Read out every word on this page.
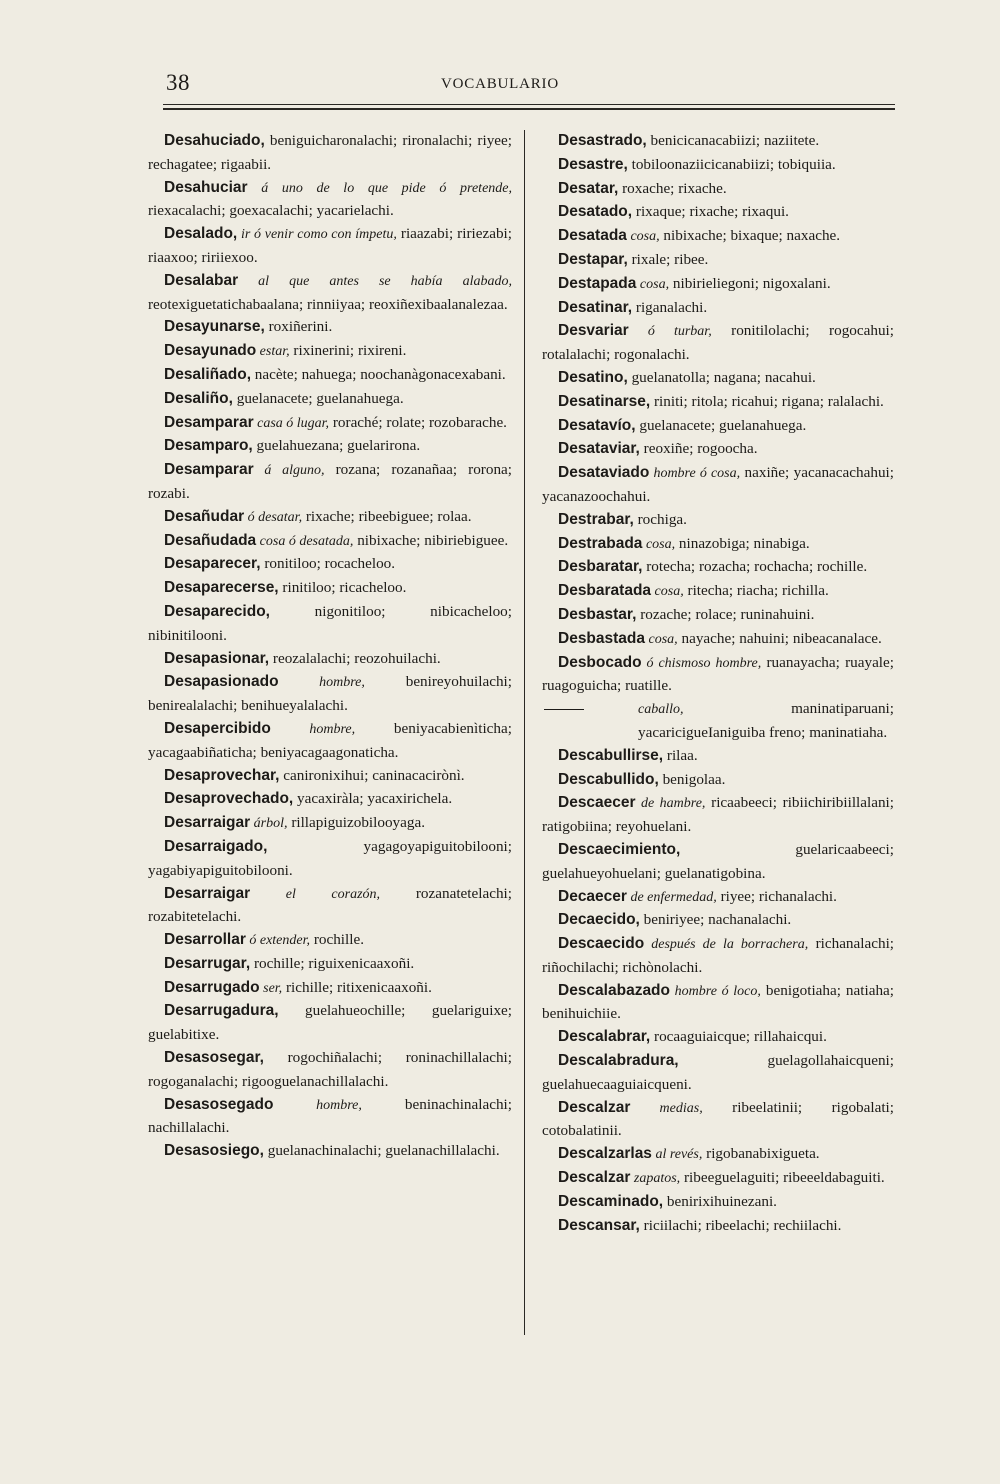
38	VOCABULARIO

Desahuciado, beniguicharonalachi; rironalachi; riyee; rechagatee; rigaabii.

Desahuciar á uno de lo que pide ó pretende, riexacalachi; goexacalachi; yacarielachi.

Desalado, ir ó venir como con ímpetu, riaazabi; ririezabi; riaaxoo; ririiexoo.

Desalabar al que antes se había alabado, reotexiguetatichabaalana; rinniiyaa; reoxiñexibaalanalezaa.

Desayunarse, roxiñerini.

Desayunado estar, rixinerini; rixireni.

Desaliñado, nacète; nahuega; noochanàgonacexabani.

Desaliño, guelanacete; guelanahuega.

Desamparar casa ó lugar, roraché; rolate; rozobarache.

Desamparo, guelahuezana; guelarirona.

Desamparar á alguno, rozana; rozanañaa; rorona; rozabi.

Desañudar ó desatar, rixache; ribeebiguee; rolaa.

Desañudada cosa ó desatada, nibixache; nibiriebiguee.

Desaparecer, ronitiloo; rocacheloo.

Desaparecerse, rinitiloo; ricacheloo.

Desaparecido, nigonitiloo; nibicacheloo; nibinitilooni.

Desapasionar, reozalalachi; reozohuilachi.

Desapasionado hombre, benireyohuilachi; benirealalachi; benihueyalalachi.

Desapercibido hombre, beniyacabienìticha; yacagaabiñaticha; beniyacagaagonaticha.

Desaprovechar, canironixihui; caninacacirònì.

Desaprovechado, yacaxiràla; yacaxirichela.

Desarraigar árbol, rillapiguizobilooyaga.

Desarraigado, yagagoyapiguitobilooni; yagabiyapiguitobilooni.

Desarraigar el corazón, rozanatetelachi; rozabitetelachi.

Desarrollar ó extender, rochille.

Desarrugar, rochille; riguixenicaaxoñi.

Desarrugado ser, richille; ritixenicaaxoñi.

Desarrugadura, guelahueochille; guelariguixe; guelabitixe.

Desasosegar, rogochiñalachi; roninachillalachi; rogoganalachi; rigooguelanachillalachi.

Desasosegado hombre, beninachinalachi; nachillalachi.

Desasosiego, guelanachinalachi; guelanachillalachi.

Desastrado, benicicanacabiizi; naziitete.

Desastre, tobiloonaziicicanabiizi; tobiquiia.

Desatar, roxache; rixache.

Desatado, rixaque; rixache; rixaqui.

Desatada cosa, nibixache; bixaque; naxache.

Destapar, rixale; ribee.

Destapada cosa, nibirieliegoni; nigoxalani.

Desatinar, riganalachi.

Desvariar ó turbar, ronitilolachi; rogocahui; rotalalachi; rogonalachi.

Desatino, guelanatolla; nagana; nacahui.

Desatinarse, riniti; ritola; ricahui; rigana; ralalachi.

Desatavío, guelanacete; guelanahuega.

Desataviar, reoxiñe; rogoocha.

Desataviado hombre ó cosa, naxiñe; yacanacachahui; yacanazoochahui.

Destrabar, rochiga.

Destrabada cosa, ninazobiga; ninabiga.

Desbaratar, rotecha; rozacha; rochacha; rochille.

Desbaratada cosa, ritecha; riacha; richilla.

Desbastar, rozache; rolace; runinahuini.

Desbastada cosa, nayache; nahuini; nibeacanalace.

Desbocado ó chismoso hombre, ruanayacha; ruayale; ruagoguicha; ruatille.

caballo, maninatiparuani; yacaricigueIaniguiba freno; maninatiaha.

Descabullirse, rilaa.

Descabullido, benigolaa.

Descaecer de hambre, ricaabeeci; ribiichiribiillalani; ratigobiina; reyohuelani.

Descaecimiento, guelaricaabeeci; guelahueyohuelani; guelanatigobina.

Decaecer de enfermedad, riyee; richanalachi.

Decaecido, beniriyee; nachanalachi.

Descaecido después de la borrachera, richanalachi; riñochilachi; richònolachi.

Descalabazado hombre ó loco, benigotiaha; natiaha; benihuichiie.

Descalabrar, rocaaguiaicque; rillahaicqui.

Descalabradura, guelagollahaicqueni; guelahuecaaguiaicqueni.

Descalzar medias, ribeelatinii; rigobalati; cotobalatinii.

Descalzarlas al revés, rigobanabixigueta.

Descalzar zapatos, ribeeguelaguiti; ribeeeldabaguiti.

Descaminado, benirixihuinezani.

Descansar, riciilachi; ribeelachi; rechiilachi.
